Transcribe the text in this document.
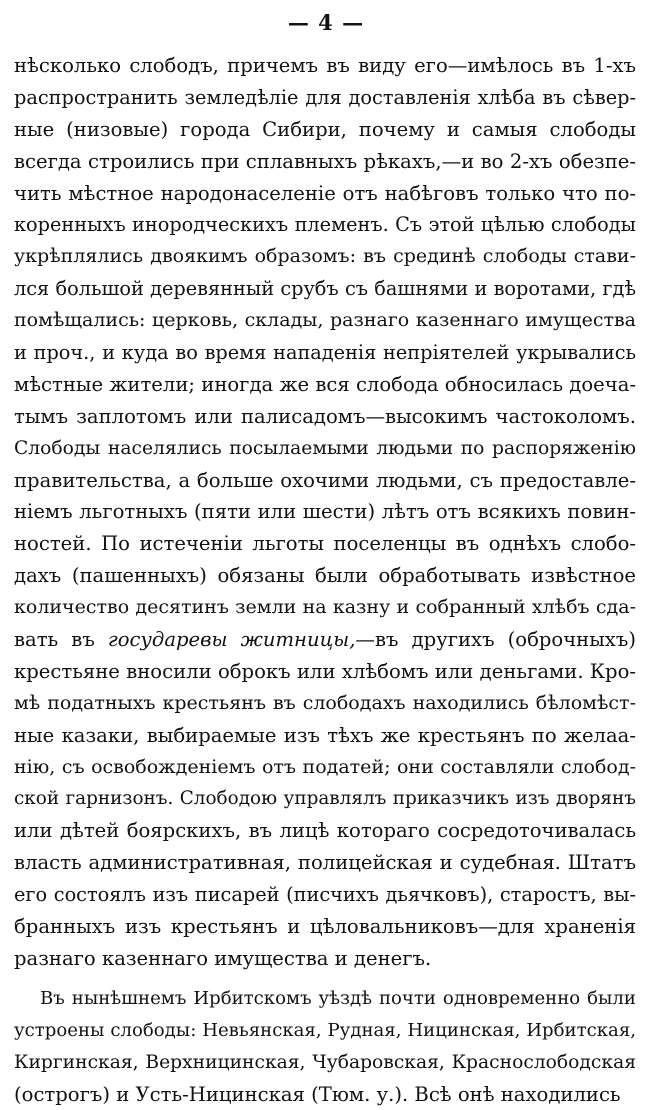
— 4 —
нѣсколько слободъ, причемъ въ виду его—имѣлось въ 1-хъ
распространить земледѣліе для доставленія хлѣба въ сѣвер-
ные (низовые) города Сибири, почему и самыя слободы
всегда строились при сплавныхъ рѣкахъ,—и во 2-хъ обезпе-
чить мѣстное народонаселеніе отъ набѣговъ только что по-
коренныхъ инородческихъ племенъ. Съ этой цѣлью слободы
укрѣплялись двоякимъ образомъ: въ срединѣ слободы стави-
лся большой деревянный срубъ съ башнями и воротами, гдѣ
помѣщались: церковь, склады, разнаго казеннаго имущества
и проч., и куда во время нападенія непріятелей укрывались
мѣстные жители; иногда же вся слобода обносилась доеча-
тымъ заплотомъ или палисадомъ—высокимъ частоколомъ.
Слободы населялись посылаемыми людьми по распоряженію
правительства, а больше охочими людьми, съ предоставле-
ніемъ льготныхъ (пяти или шести) лѣтъ отъ всякихъ повин-
ностей. По истеченіи льготы поселенцы въ однѣхъ слобо-
дахъ (пашенныхъ) обязаны были обработывать извѣстное
количество десятинъ земли на казну и собранный хлѣбъ сда-
вать въ государевы житницы,—въ другихъ (оброчныхъ)
крестьяне вносили оброкъ или хлѣбомъ или деньгами. Кро-
мѣ податныхъ крестьянъ въ слободахъ находились бѣломѣст-
ные казаки, выбираемые изъ тѣхъ же крестьянъ по желаа-
нію, съ освобожденіемъ отъ податей; они составляли слобод-
ской гарнизонъ. Слободою управлялъ приказчикъ изъ дворянъ
или дѣтей боярскихъ, въ лицѣ котораго сосредоточивалась
власть административная, полицейская и судебная. Штатъ
его состоялъ изъ писарей (писчихъ дьячковъ), старостъ, вы-
бранныхъ изъ крестьянъ и цѣловальниковъ—для храненія
разнаго казеннаго имущества и денегъ.
Въ нынѣшнемъ Ирбитскомъ уѣздѣ почти одновременно были
устроены слободы: Невьянская, Рудная, Ницинская, Ирбитская,
Киргинская, Верхницинская, Чубаровская, Краснослободская
(острогъ) и Усть-Ницинская (Тюм. у.). Всѣ онѣ находились
